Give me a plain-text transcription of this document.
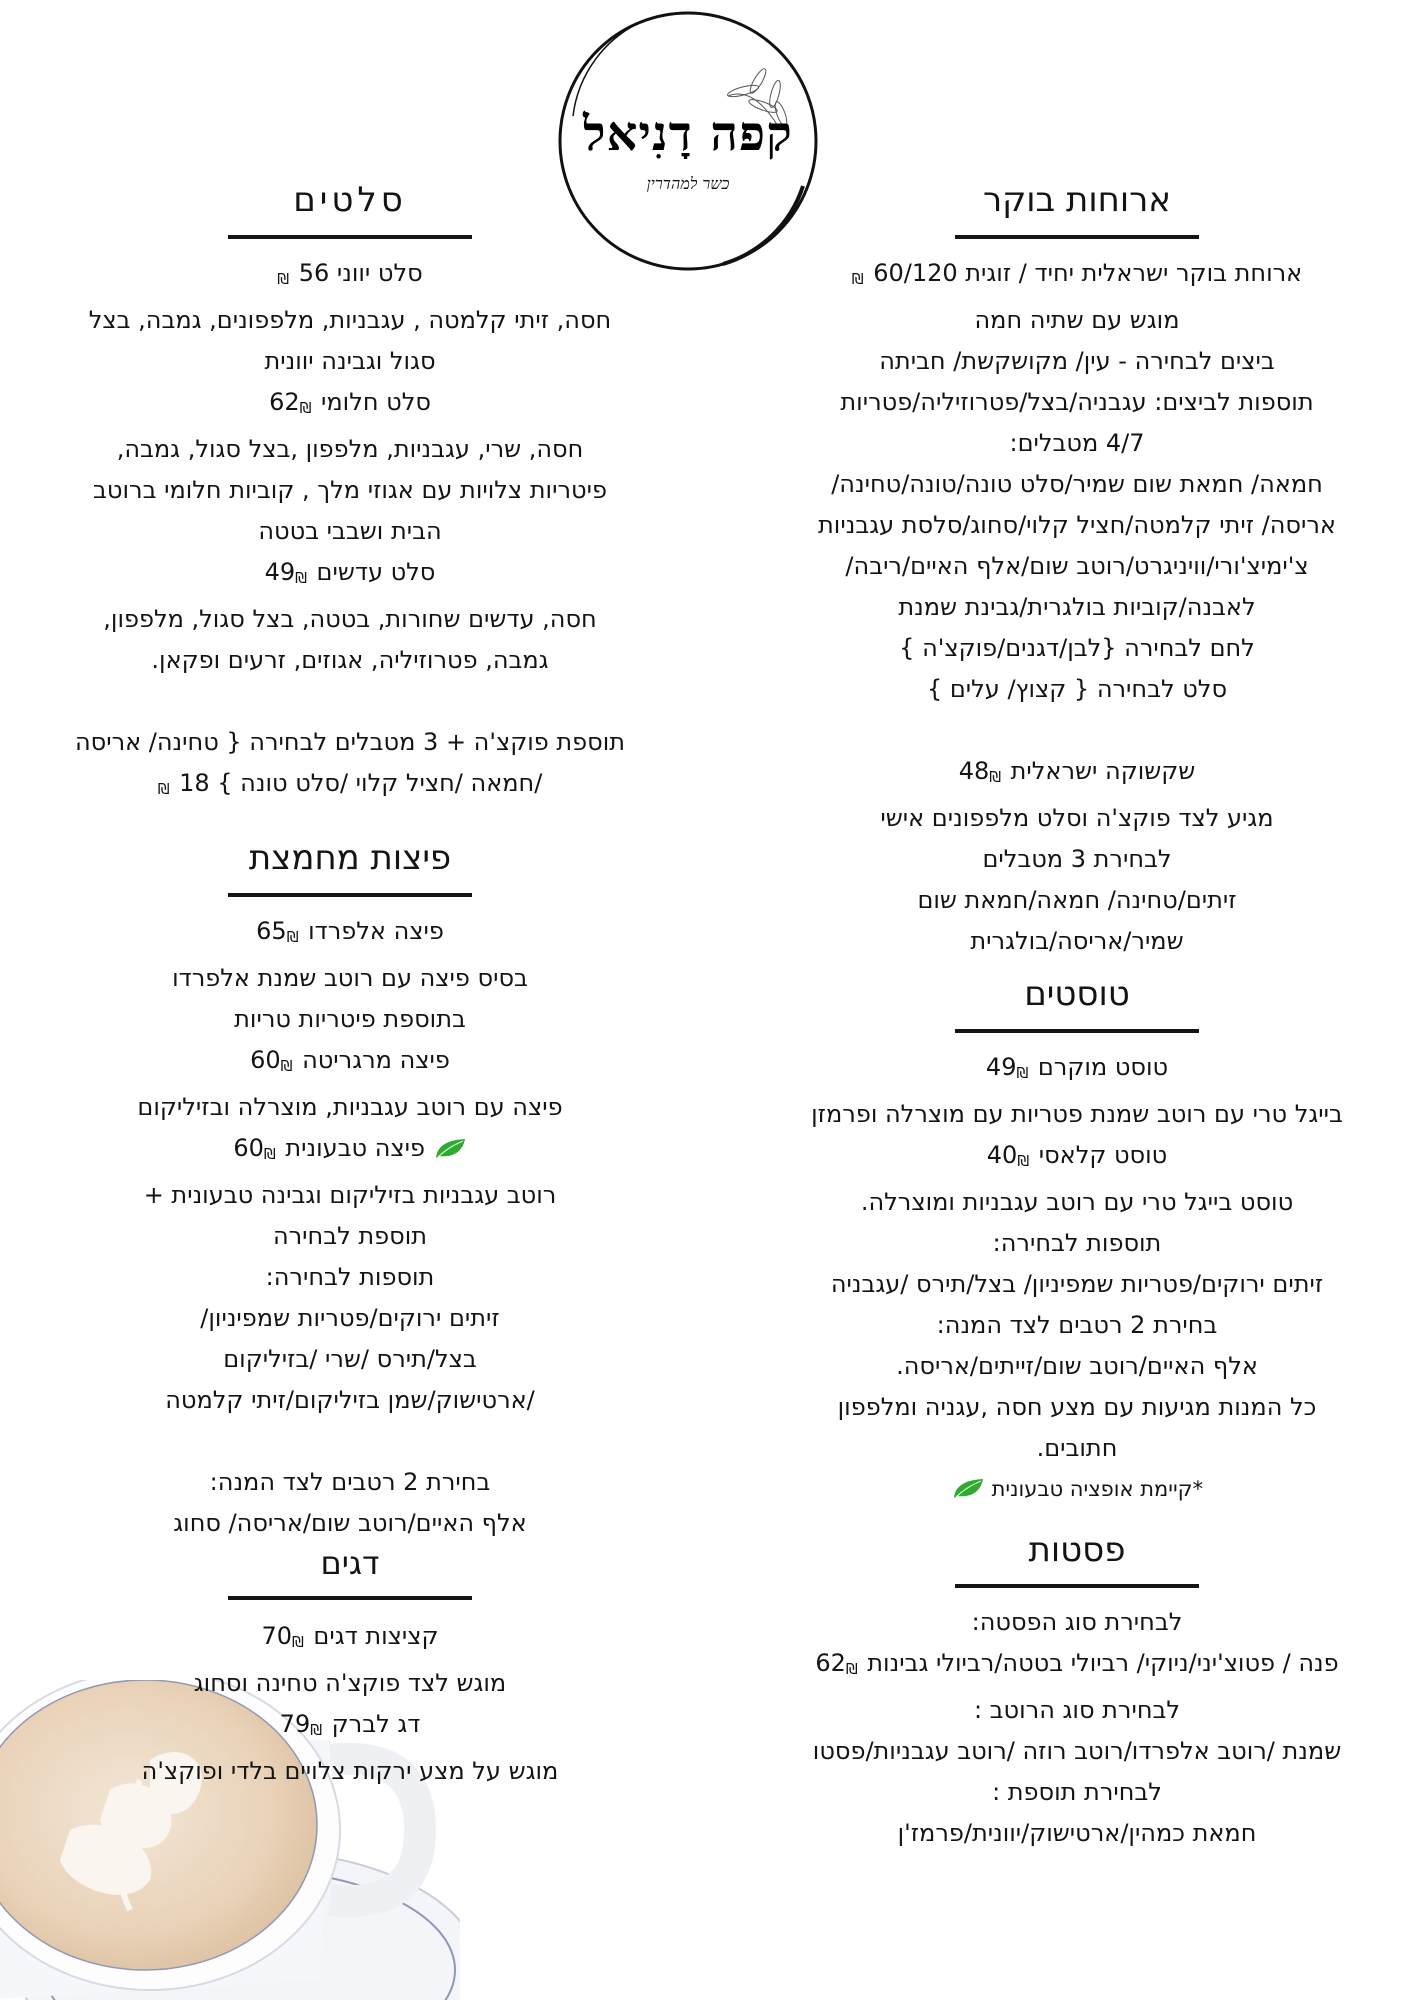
קפה דָנִיאל
כשר למהדרין	ארוחות בוקר
ארוחת בוקר ישראלית יחיד / זוגית 60/120 ₪
מוגש עם שתיה חמה
ביצים לבחירה - עין/ מקושקשת/ חביתה
תוספות לביצים: עגבניה/בצל/פטרוזיליה/פטריות
4/7 מטבלים:
חמאה/ חמאת שום שמיר/סלט טונה/טונה/טחינה/
אריסה/ זיתי קלמטה/חציל קלוי/סחוג/סלסת עגבניות
צ'ימיצ'ורי/וויניגרט/רוטב שום/אלף האיים/ריבה/
לאבנה/קוביות בולגרית/גבינת שמנת
לחם לבחירה {לבן/דגנים/פוקצ'ה }
סלט לבחירה { קצוץ/ עלים }
שקשוקה ישראלית 48₪
מגיע לצד פוקצ'ה וסלט מלפפונים אישי
לבחירת 3 מטבלים
זיתים/טחינה/ חמאה/חמאת שום
שמיר/אריסה/בולגרית
טוסטים
טוסט מוקרם 49₪
בייגל טרי עם רוטב שמנת פטריות עם מוצרלה ופרמזן
טוסט קלאסי 40₪
טוסט בייגל טרי עם רוטב עגבניות ומוצרלה.
תוספות לבחירה:
זיתים ירוקים/פטריות שמפיניון/ בצל/תירס /עגבניה
בחירת 2 רטבים לצד המנה:
אלף האיים/רוטב שום/זייתים/אריסה.
כל המנות מגיעות עם מצע חסה ,עגניה ומלפפון
חתובים.
*קיימת אופציה טבעונית
פסטות
לבחירת סוג הפסטה:
פנה / פטוצ'יני/ניוקי/ רביולי בטטה/רביולי גבינות 62₪
לבחירת סוג הרוטב :
שמנת /רוטב אלפרדו/רוטב רוזה /רוטב עגבניות/פסטו
לבחירת תוספת :
חמאת כמהין/ארטישוק/יוונית/פרמז'ן
סלטים
סלט יווני 56 ₪
חסה, זיתי קלמטה , עגבניות, מלפפונים, גמבה, בצל
סגול וגבינה יוונית
סלט חלומי 62₪
חסה, שרי, עגבניות, מלפפון ,בצל סגול, גמבה,
פיטריות צלויות עם אגוזי מלך , קוביות חלומי ברוטב
הבית ושבבי בטטה
סלט עדשים 49₪
חסה, עדשים שחורות, בטטה, בצל סגול, מלפפון,
גמבה, פטרוזיליה, אגוזים, זרעים ופקאן.
תוספת פוקצ'ה + 3 מטבלים לבחירה { טחינה/ אריסה
/חמאה /חציל קלוי /סלט טונה } 18 ₪
פיצות מחמצת
פיצה אלפרדו 65₪
בסיס פיצה עם רוטב שמנת אלפרדו
בתוספת פיטריות טריות
פיצה מרגריטה 60₪
פיצה עם רוטב עגבניות, מוצרלה ובזיליקום
פיצה טבעונית 60₪
רוטב עגבניות בזיליקום וגבינה טבעונית +
תוספת לבחירה
תוספות לבחירה:
זיתים ירוקים/פטריות שמפיניון/
בצל/תירס /שרי /בזיליקום
/ארטישוק/שמן בזיליקום/זיתי קלמטה
בחירת 2 רטבים לצד המנה:
אלף האיים/רוטב שום/אריסה/ סחוג
דגים
קציצות דגים 70₪
מוגש לצד פוקצ'ה טחינה וסחוג
דג לברק 79₪
מוגש על מצע ירקות צלויים בלדי ופוקצ'ה
